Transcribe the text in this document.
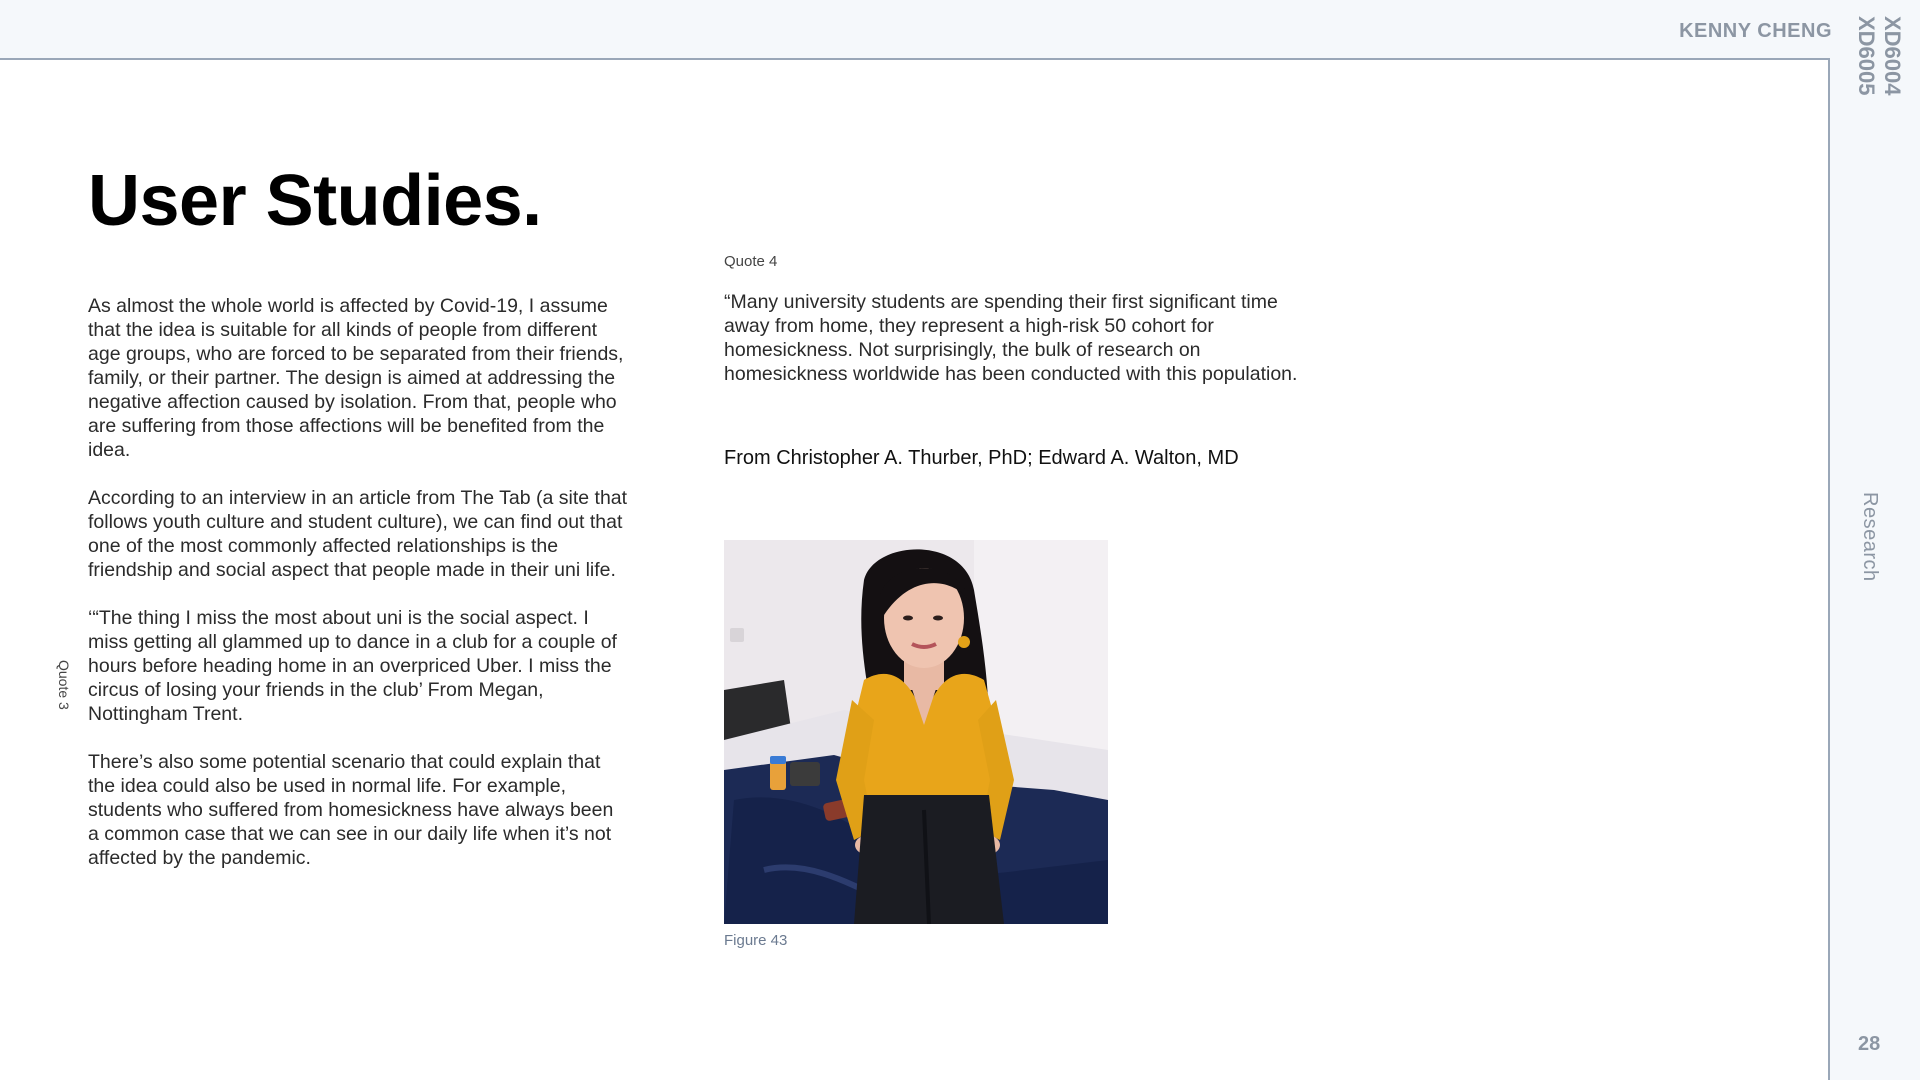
KENNY CHENG	XD6004
XD6005
Research
28
User Studies.

As almost the whole world is affected by Covid-19, I assume that the idea is suitable for all kinds of people from different age groups, who are forced to be separated from their friends, family, or their partner. The design is aimed at addressing the negative affection caused by isolation. From that, people who are suffering from those affections will be benefited from the idea.

According to an interview in an article from The Tab (a site that follows youth culture and student culture), we can find out that one of the most commonly affected relationships is the friendship and social aspect that people made in their uni life.

‘“The thing I miss the most about uni is the social aspect. I miss getting all glammed up to dance in a club for a couple of hours before heading home in an overpriced Uber. I miss the circus of losing your friends in the club’ From Megan, Nottingham Trent.

There’s also some potential scenario that could explain that the idea could also be used in normal life. For example, students who suffered from homesickness have always been a common case that we can see in our daily life when it’s not affected by the pandemic.

Quote 3
Quote 4

“Many university students are spending their first significant time away from home, they represent a high-risk 50 cohort for homesickness. Not surprisingly, the bulk of research on homesickness worldwide has been conducted with this population.

From Christopher A. Thurber, PhD; Edward A. Walton, MD

Figure 43
